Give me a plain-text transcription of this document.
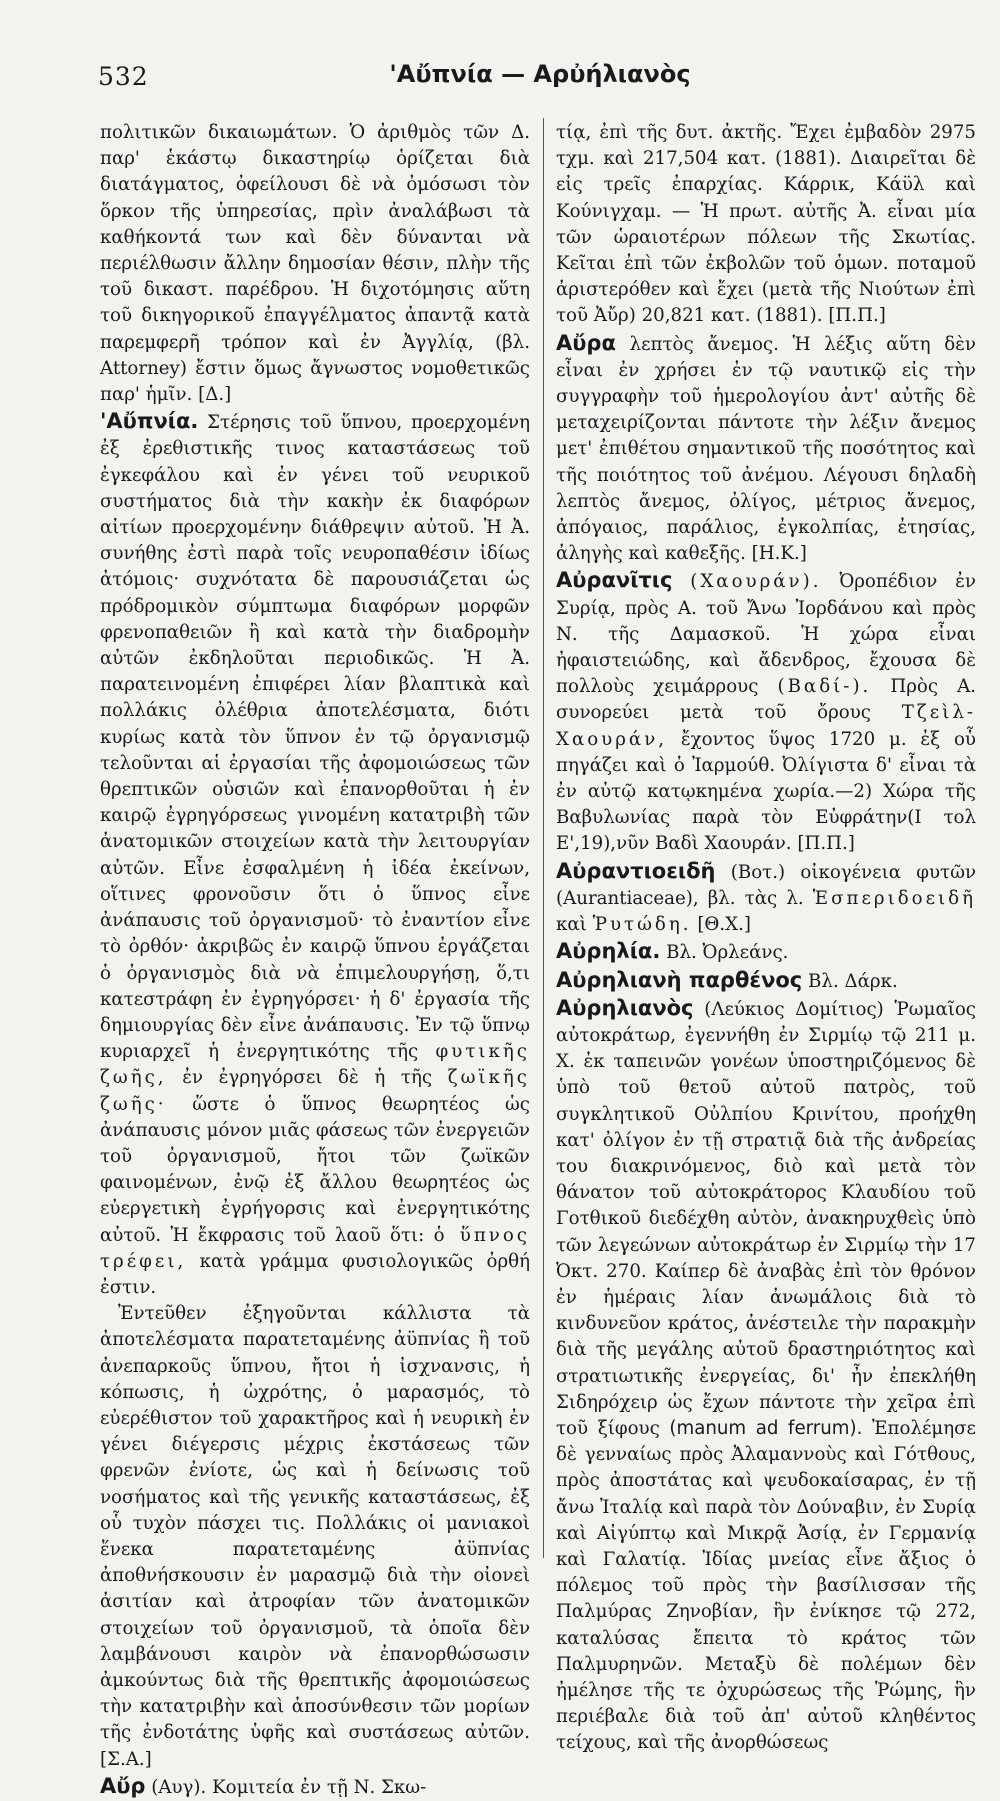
532	'Αὔπνία — Αρὐήλιανὸς

πολιτικῶν δικαιωμάτων. Ὁ ἀριθμὸς τῶν Δ. παρ' ἑκάστῳ δικαστηρίῳ ὁρίζεται διὰ διατάγματος, ὀφείλουσι δὲ νὰ ὀμόσωσι τὸν ὅρκον τῆς ὑπηρεσίας, πρὶν ἀναλάβωσι τὰ καθήκοντά των καὶ δὲν δύνανται νὰ περιέλθωσιν ἄλλην δημοσίαν θέσιν, πλὴν τῆς τοῦ δικαστ. παρέδρου. Ἡ διχοτόμησις αὕτη τοῦ δικηγορικοῦ ἐπαγγέλματος ἀπαντᾷ κατὰ παρεμφερῆ τρόπον καὶ ἐν Ἀγγλίᾳ, (βλ. Attorney) ἔστιν ὅμως ἄγνωστος νομοθετικῶς παρ' ἡμῖν. [Δ.]

'Αὔπνία. Στέρησις τοῦ ὕπνου, προερχομένη ἐξ ἐρεθιστικῆς τινος καταστάσεως τοῦ ἐγκεφάλου καὶ ἐν γένει τοῦ νευρικοῦ συστήματος διὰ τὴν κακὴν ἐκ διαφόρων αἰτίων προερχομένην διάθρεψιν αὐτοῦ. Ἡ Ἀ. συνήθης ἐστὶ παρὰ τοῖς νευροπαθέσιν ἰδίως ἀτόμοις· συχνότατα δὲ παρουσιάζεται ὡς πρόδρομικὸν σύμπτωμα διαφόρων μορφῶν φρενοπαθειῶν ἢ καὶ κατὰ τὴν διαδρομὴν αὐτῶν ἐκδηλοῦται περιοδικῶς. Ἡ Ἀ. παρατεινομένη ἐπιφέρει λίαν βλαπτικὰ καὶ πολλάκις ὀλέθρια ἀποτελέσματα, διότι κυρίως κατὰ τὸν ὕπνον ἐν τῷ ὀργανισμῷ τελοῦνται αἱ ἐργασίαι τῆς ἀφομοιώσεως τῶν θρεπτικῶν οὐσιῶν καὶ ἐπανορθοῦται ἡ ἐν καιρῷ ἐγρηγόρσεως γινομένη κατατριβὴ τῶν ἀνατομικῶν στοιχείων κατὰ τὴν λειτουργίαν αὐτῶν. Εἶνε ἐσφαλμένη ἡ ἰδέα ἐκείνων, οἵτινες φρονοῦσιν ὅτι ὁ ὕπνος εἶνε ἀνάπαυσις τοῦ ὀργανισμοῦ· τὸ ἐναντίον εἶνε τὸ ὀρθόν· ἀκριβῶς ἐν καιρῷ ὕπνου ἐργάζεται ὁ ὀργανισμὸς διὰ νὰ ἐπιμελουργήσῃ, ὅ,τι κατεστράφη ἐν ἐγρηγόρσει· ἡ δ' ἐργασία τῆς δημιουργίας δὲν εἶνε ἀνάπαυσις. Ἐν τῷ ὕπνῳ κυριαρχεῖ ἡ ἐνεργητικότης τῆς φυτικῆς ζωῆς, ἐν ἐγρηγόρσει δὲ ἡ τῆς ζωϊκῆς ζωῆς· ὥστε ὁ ὕπνος θεωρητέος ὡς ἀνάπαυσις μόνον μιᾶς φάσεως τῶν ἐνεργειῶν τοῦ ὀργανισμοῦ, ἤτοι τῶν ζωϊκῶν φαινομένων, ἐνῷ ἐξ ἄλλου θεωρητέος ὡς εὐεργετικὴ ἐγρήγορσις καὶ ἐνεργητικότης αὐτοῦ. Ἡ ἔκφρασις τοῦ λαοῦ ὅτι: ὁ ὕπνος τρέφει, κατὰ γράμμα φυσιολογικῶς ὀρθή ἐστιν.

Ἐντεῦθεν ἐξηγοῦνται κάλλιστα τὰ ἀποτελέσματα παρατεταμένης ἀϋπνίας ἢ τοῦ ἀνεπαρκοῦς ὕπνου, ἤτοι ἡ ἰσχνανσις, ἡ κόπωσις, ἡ ὠχρότης, ὁ μαρασμός, τὸ εὐερέθιστον τοῦ χαρακτῆρος καὶ ἡ νευρικὴ ἐν γένει διέγερσις μέχρις ἐκστάσεως τῶν φρενῶν ἐνίοτε, ὡς καὶ ἡ δείνωσις τοῦ νοσήματος καὶ τῆς γενικῆς καταστάσεως, ἐξ οὗ τυχὸν πάσχει τις. Πολλάκις οἱ μανιακοὶ ἕνεκα παρατεταμένης ἀϋπνίας ἀποθνήσκουσιν ἐν μαρασμῷ διὰ τὴν οἰονεὶ ἀσιτίαν καὶ ἀτροφίαν τῶν ἀνατομικῶν στοιχείων τοῦ ὀργανισμοῦ, τὰ ὁποῖα δὲν λαμβάνουσι καιρὸν νὰ ἐπανορθώσωσιν ἀμκούντως διὰ τῆς θρεπτικῆς ἀφομοιώσεως τὴν κατατριβὴν καὶ ἀποσύνθεσιν τῶν μορίων τῆς ἐνδοτάτης ὑφῆς καὶ συστάσεως αὐτῶν. [Σ.Α.]

Αὔρ (Αυγ). Κομιτεία ἐν τῇ Ν. Σκω-

τίᾳ, ἐπὶ τῆς δυτ. ἀκτῆς. Ἔχει ἐμβαδὸν 2975 τχμ. καὶ 217,504 κατ. (1881). Διαιρεῖται δὲ εἰς τρεῖς ἐπαρχίας. Κάρρικ, Κάϋλ καὶ Κούνιγχαμ. — Ἡ πρωτ. αὐτῆς Ἀ. εἶναι μία τῶν ὡραιοτέρων πόλεων τῆς Σκωτίας. Κεῖται ἐπὶ τῶν ἐκβολῶν τοῦ ὁμων. ποταμοῦ ἀριστερόθεν καὶ ἔχει (μετὰ τῆς Νιούτων ἐπὶ τοῦ Ἀὔρ) 20,821 κατ. (1881). [Π.Π.]

Αὔρα λεπτὸς ἄνεμος. Ἡ λέξις αὕτη δὲν εἶναι ἐν χρήσει ἐν τῷ ναυτικῷ εἰς τὴν συγγραφὴν τοῦ ἡμερολογίου ἀντ' αὐτῆς δὲ μεταχειρίζονται πάντοτε τὴν λέξιν ἄνεμος μετ' ἐπιθέτου σημαντικοῦ τῆς ποσότητος καὶ τῆς ποιότητος τοῦ ἀνέμου. Λέγουσι δηλαδὴ λεπτὸς ἄνεμος, ὀλίγος, μέτριος ἄνεμος, ἀπόγαιος, παράλιος, ἐγκολπίας, ἐτησίας, ἀληγὴς καὶ καθεξῆς. [Η.Κ.]

Αὐρανῖτις (Χαουράν). Ὀροπέδιον ἐν Συρίᾳ, πρὸς Α. τοῦ Ἄνω Ἰορδάνου καὶ πρὸς Ν. τῆς Δαμασκοῦ. Ἡ χώρα εἶναι ἠφαιστειώδης, καὶ ἄδενδρος, ἔχουσα δὲ πολλοὺς χειμάρρους (Βαδί-). Πρὸς Α. συνορεύει μετὰ τοῦ ὄρους Τζεὶλ-Χαουράν, ἔχοντος ὕψος 1720 μ. ἐξ οὗ πηγάζει καὶ ὁ Ἰαρμούθ. Ὀλίγιστα δ' εἶναι τὰ ἐν αὐτῷ κατῳκημένα χωρία.—2) Χώρα τῆς Βαβυλωνίας παρὰ τὸν Εὐφράτην(Ι τολ Ε',19),νῦν Βαδὶ Χαουράν. [Π.Π.]

Αὐραντιοειδῆ (Βοτ.) οἰκογένεια φυτῶν (Aurantiaceae), βλ. τὰς λ. Ἑσπεριδοειδῆ καὶ Ῥυτώδη. [Θ.Χ.]

Αὐρηλία. Βλ. Ὀρλεάνς.

Αὐρηλιανὴ παρθένος Βλ. Δάρκ.

Αὐρηλιανὸς (Λεύκιος Δομίτιος) Ῥωμαῖος αὐτοκράτωρ, ἐγεννήθη ἐν Σιρμίῳ τῷ 211 μ. Χ. ἐκ ταπεινῶν γονέων ὑποστηριζόμενος δὲ ὑπὸ τοῦ θετοῦ αὐτοῦ πατρὸς, τοῦ συγκλητικοῦ Οὐλπίου Κρινίτου, προήχθη κατ' ὀλίγον ἐν τῇ στρατιᾷ διὰ τῆς ἀνδρείας του διακρινόμενος, διὸ καὶ μετὰ τὸν θάνατον τοῦ αὐτοκράτορος Κλαυδίου τοῦ Γοτθικοῦ διεδέχθη αὐτὸν, ἀνακηρυχθεὶς ὑπὸ τῶν λεγεώνων αὐτοκράτωρ ἐν Σιρμίῳ τὴν 17 Ὀκτ. 270. Καίπερ δὲ ἀναβὰς ἐπὶ τὸν θρόνον ἐν ἡμέραις λίαν ἀνωμάλοις διὰ τὸ κινδυνεῦον κράτος, ἀνέστειλε τὴν παρακμὴν διὰ τῆς μεγάλης αὐτοῦ δραστηριότητος καὶ στρατιωτικῆς ἐνεργείας, δι' ἦν ἐπεκλήθη Σιδηρόχειρ ὡς ἔχων πάντοτε τὴν χεῖρα ἐπὶ τοῦ ξίφους (manum ad ferrum). Ἐπολέμησε δὲ γενναίως πρὸς Ἀλαμαννοὺς καὶ Γότθους, πρὸς ἀποστάτας καὶ ψευδοκαίσαρας, ἐν τῇ ἄνω Ἰταλίᾳ καὶ παρὰ τὸν Δούναβιν, ἐν Συρίᾳ καὶ Αἰγύπτῳ καὶ Μικρᾷ Ἀσίᾳ, ἐν Γερμανίᾳ καὶ Γαλατίᾳ. Ἰδίας μνείας εἶνε ἄξιος ὁ πόλεμος τοῦ πρὸς τὴν βασίλισσαν τῆς Παλμύρας Ζηνοβίαν, ἣν ἐνίκησε τῷ 272, καταλύσας ἔπειτα τὸ κράτος τῶν Παλμυρηνῶν. Μεταξὺ δὲ πολέμων δὲν ἠμέλησε τῆς τε ὀχυρώσεως τῆς Ῥώμης, ἣν περιέβαλε διὰ τοῦ ἀπ' αὐτοῦ κληθέντος τείχους, καὶ τῆς ἀνορθώσεως
